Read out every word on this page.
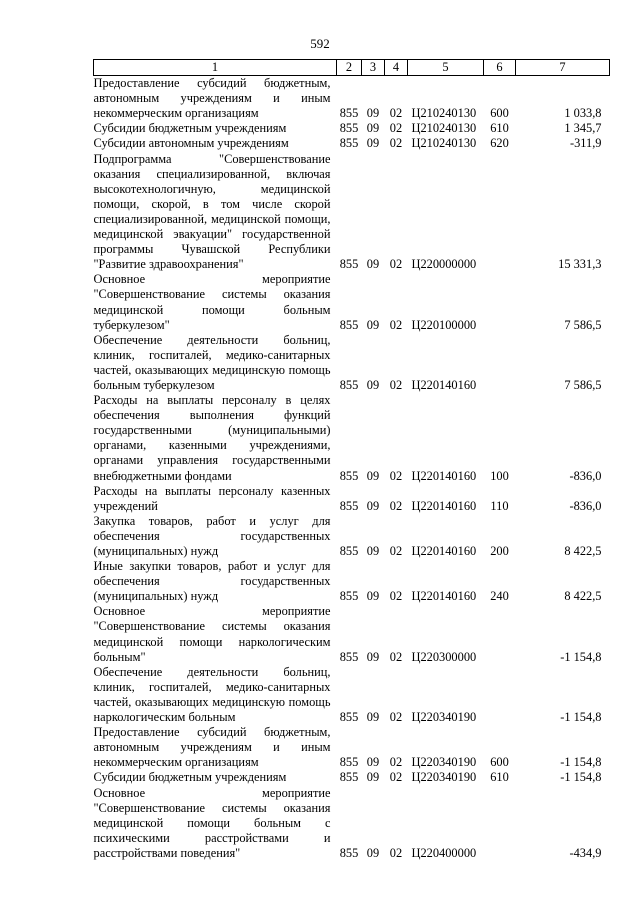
592
1	2	3	4	5	6	7
Предоставление субсидий бюджетным, автономным учреждениям и иным некоммерческим организациям	855	09	02	Ц210240130	600	1 033,8
Субсидии бюджетным учреждениям	855	09	02	Ц210240130	610	1 345,7
Субсидии автономным учреждениям	855	09	02	Ц210240130	620	-311,9
Подпрограмма "Совершенствование оказания специализированной, включая высокотехнологичную, медицинской помощи, скорой, в том числе скорой специализированной, медицинской помощи, медицинской эвакуации" государственной программы Чувашской Республики "Развитие здравоохранения"	855	09	02	Ц220000000		15 331,3
Основное мероприятие "Совершенствование системы оказания медицинской помощи больным туберкулезом"	855	09	02	Ц220100000		7 586,5
Обеспечение деятельности больниц, клиник, госпиталей, медико-санитарных частей, оказывающих медицинскую помощь больным туберкулезом	855	09	02	Ц220140160		7 586,5
Расходы на выплаты персоналу в целях обеспечения выполнения функций государственными (муниципальными) органами, казенными учреждениями, органами управления государственными внебюджетными фондами	855	09	02	Ц220140160	100	-836,0
Расходы на выплаты персоналу казенных учреждений	855	09	02	Ц220140160	110	-836,0
Закупка товаров, работ и услуг для обеспечения государственных (муниципальных) нужд	855	09	02	Ц220140160	200	8 422,5
Иные закупки товаров, работ и услуг для обеспечения государственных (муниципальных) нужд	855	09	02	Ц220140160	240	8 422,5
Основное мероприятие "Совершенствование системы оказания медицинской помощи наркологическим больным"	855	09	02	Ц220300000		-1 154,8
Обеспечение деятельности больниц, клиник, госпиталей, медико-санитарных частей, оказывающих медицинскую помощь наркологическим больным	855	09	02	Ц220340190		-1 154,8
Предоставление субсидий бюджетным, автономным учреждениям и иным некоммерческим организациям	855	09	02	Ц220340190	600	-1 154,8
Субсидии бюджетным учреждениям	855	09	02	Ц220340190	610	-1 154,8
Основное мероприятие "Совершенствование системы оказания медицинской помощи больным с психическими расстройствами и расстройствами поведения"	855	09	02	Ц220400000		-434,9
